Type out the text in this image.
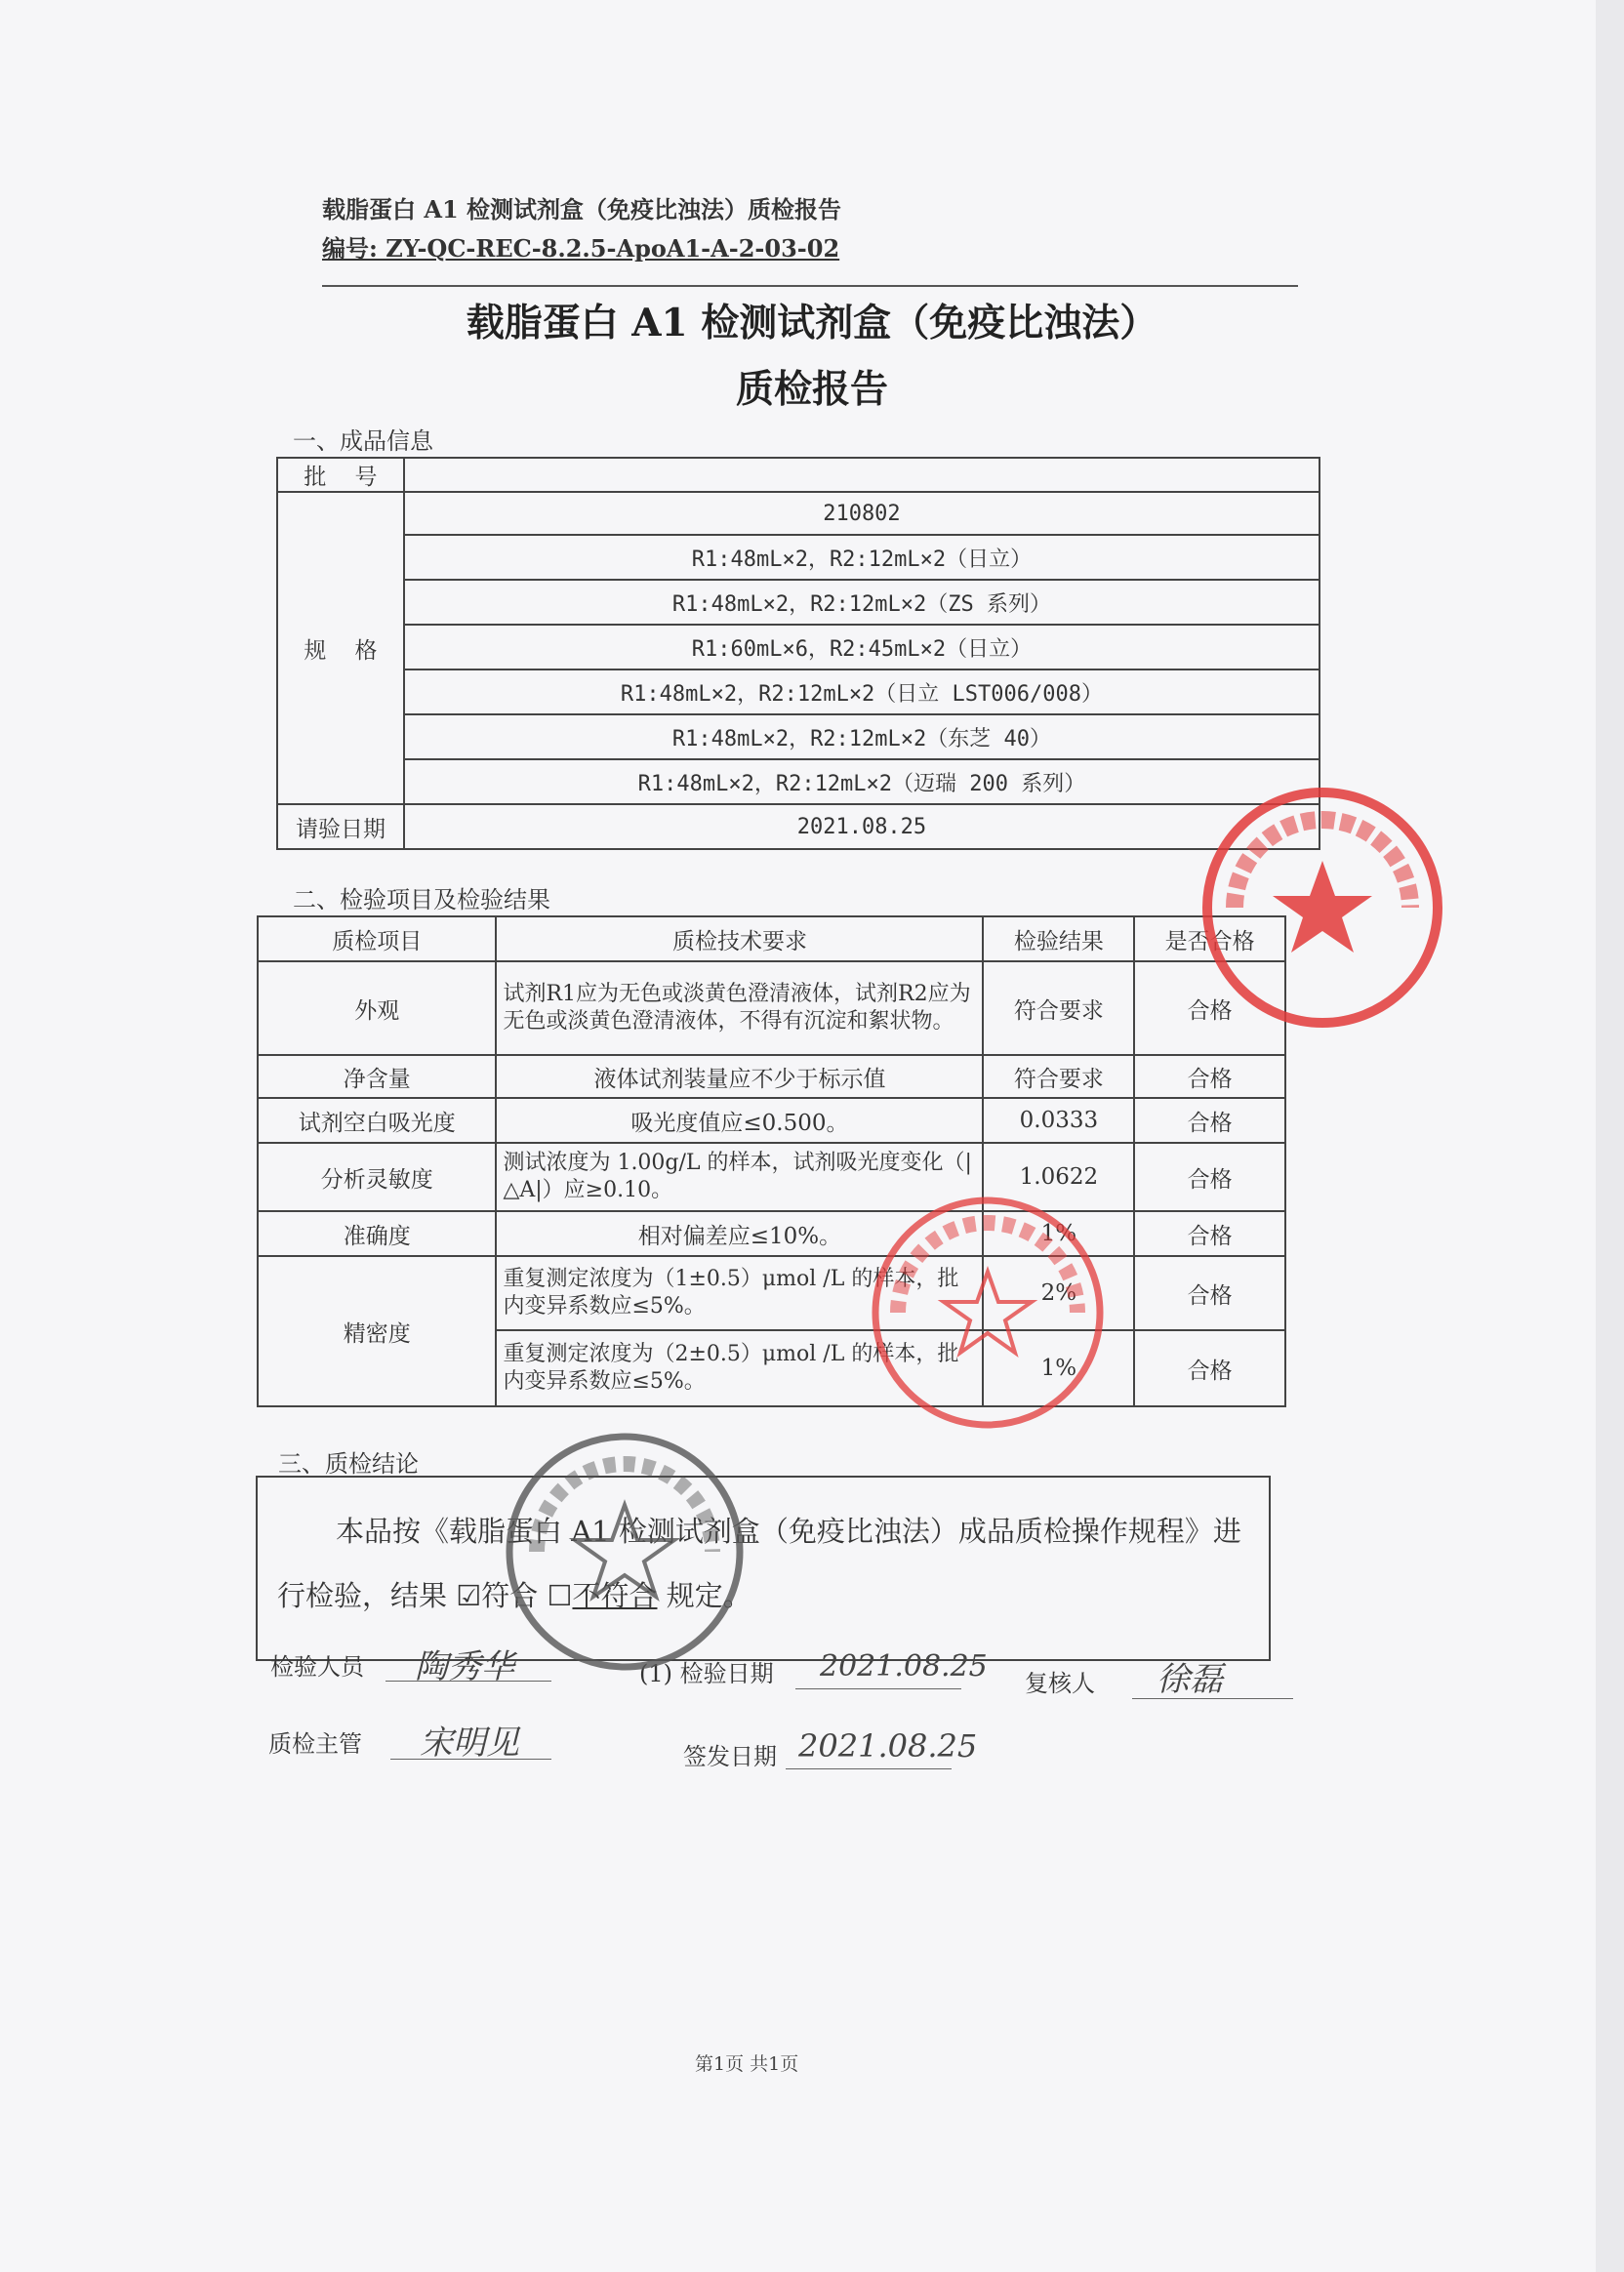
载脂蛋白 A1 检测试剂盒（免疫比浊法）质检报告
编号: ZY-QC-REC-8.2.5-ApoA1-A-2-03-02
载脂蛋白 A1 检测试剂盒（免疫比浊法）
质检报告
一、成品信息
批    号	
规    格	210802
	R1:48mL×2，R2:12mL×2（日立）
	R1:48mL×2，R2:12mL×2（ZS 系列）
	R1:60mL×6，R2:45mL×2（日立）
	R1:48mL×2，R2:12mL×2（日立 LST006/008）
	R1:48mL×2，R2:12mL×2（东芝 40）
	R1:48mL×2，R2:12mL×2（迈瑞 200 系列）
请验日期	2021.08.25
二、检验项目及检验结果
质检项目	质检技术要求	检验结果	是否合格
外观	试剂R1应为无色或淡黄色澄清液体，试剂R2应为无色或淡黄色澄清液体，不得有沉淀和絮状物。	符合要求	合格
净含量	液体试剂装量应不少于标示值	符合要求	合格
试剂空白吸光度	吸光度值应≤0.500。	0.0333	合格
分析灵敏度	测试浓度为 1.00g/L 的样本，试剂吸光度变化（|△A|）应≥0.10。	1.0622	合格
准确度	相对偏差应≤10%。	1%	合格
精密度	重复测定浓度为（1±0.5）μmol /L 的样本，批内变异系数应≤5%。	2%	合格
	重复测定浓度为（2±0.5）μmol /L 的样本，批内变异系数应≤5%。	1%	合格
三、质检结论
本品按《载脂蛋白 A1 检测试剂盒（免疫比浊法）成品质检操作规程》进行检验，结果 ☑符合 ☐不符合 规定。
检验人员 陶秀华	(1) 检验日期 2021.08.25 复核人 徐磊
质检主管 宋明见	签发日期 2021.08.25
第1页 共1页
